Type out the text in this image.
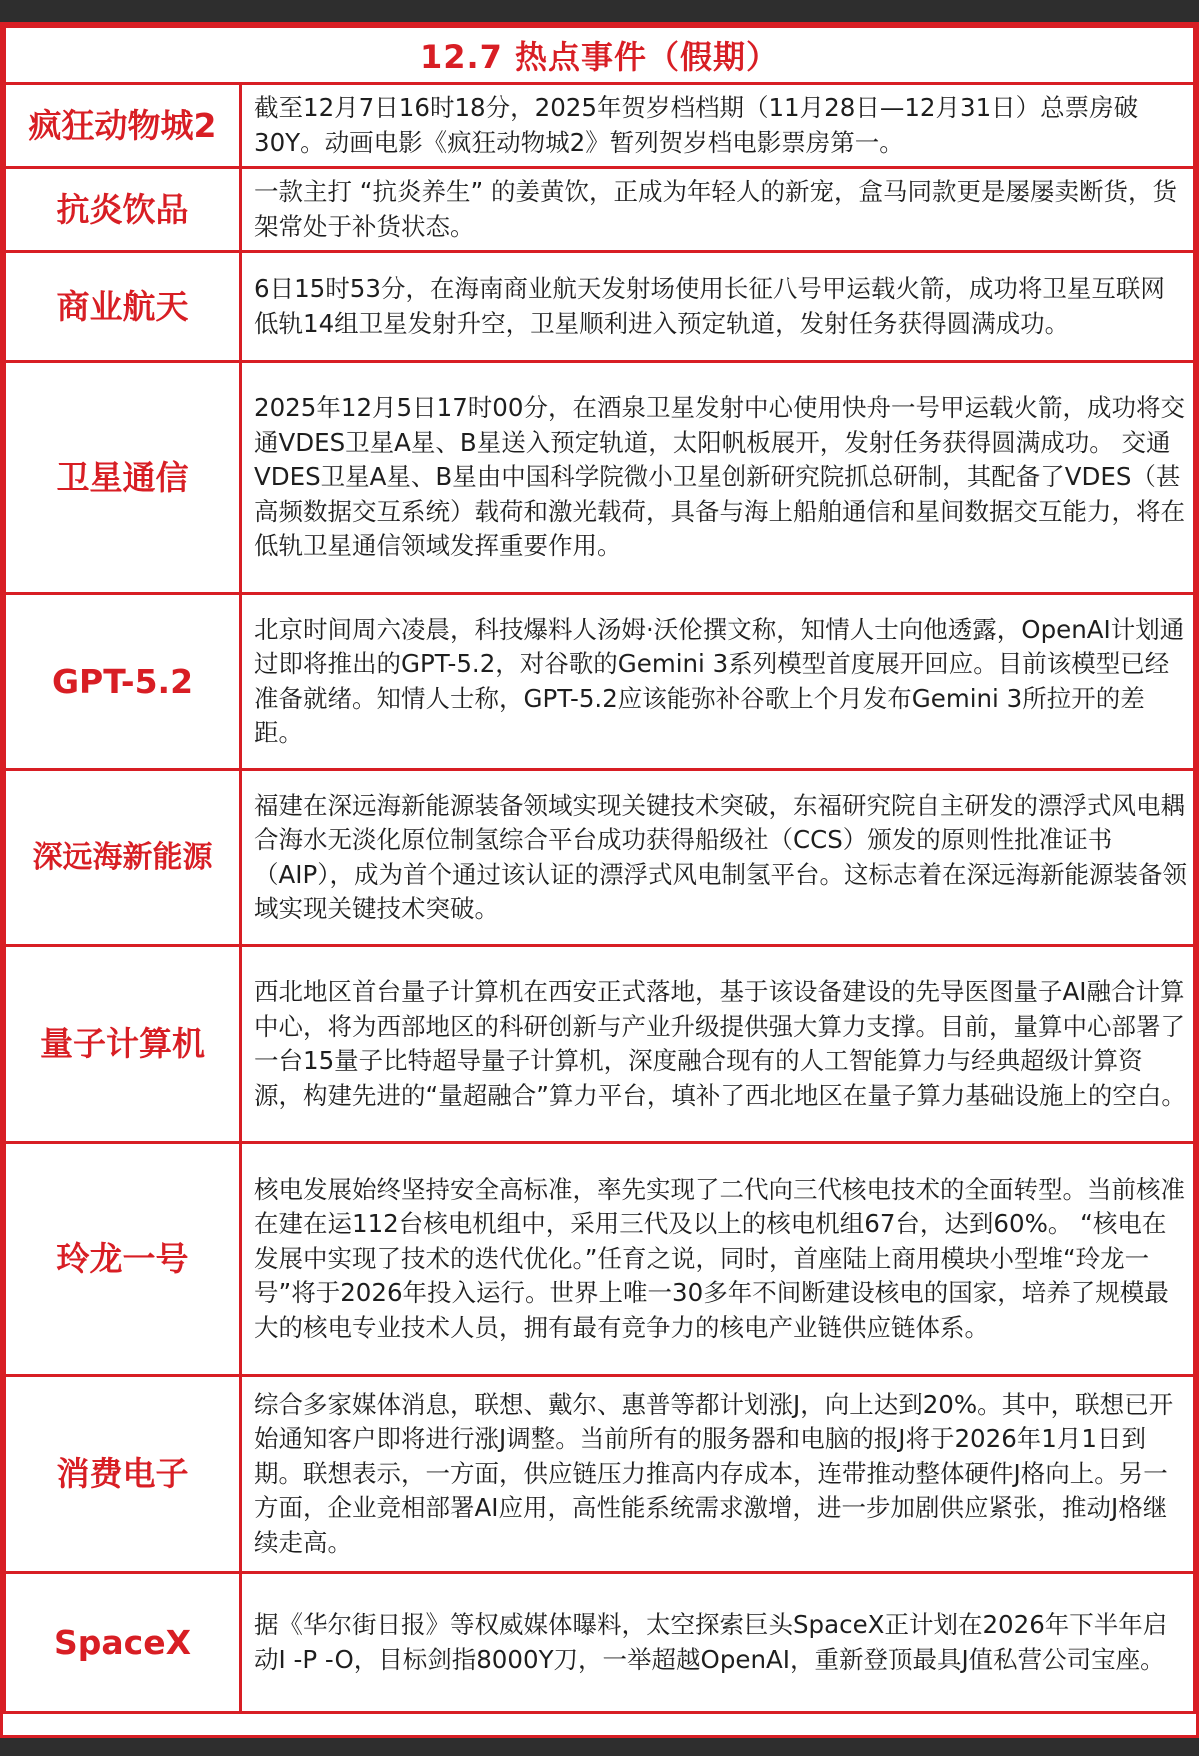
12.7 热点事件（假期）	
疯狂动物城2	截至12月7日16时18分，2025年贺岁档档期（11月28日—12月31日）总票房破30Y。动画电影《疯狂动物城2》暂列贺岁档电影票房第一。
抗炎饮品	一款主打 “抗炎养生” 的姜黄饮，正成为年轻人的新宠，盒马同款更是屡屡卖断货，货架常处于补货状态。
商业航天	6日15时53分，在海南商业航天发射场使用长征八号甲运载火箭，成功将卫星互联网低轨14组卫星发射升空，卫星顺利进入预定轨道，发射任务获得圆满成功。
卫星通信	2025年12月5日17时00分，在酒泉卫星发射中心使用快舟一号甲运载火箭，成功将交通VDES卫星A星、B星送入预定轨道，太阳帆板展开，发射任务获得圆满成功。 交通VDES卫星A星、B星由中国科学院微小卫星创新研究院抓总研制，其配备了VDES（甚高频数据交互系统）载荷和激光载荷，具备与海上船舶通信和星间数据交互能力，将在低轨卫星通信领域发挥重要作用。
GPT-5.2	北京时间周六凌晨，科技爆料人汤姆·沃伦撰文称，知情人士向他透露，OpenAI计划通过即将推出的GPT-5.2，对谷歌的Gemini 3系列模型首度展开回应。目前该模型已经准备就绪。知情人士称，GPT-5.2应该能弥补谷歌上个月发布Gemini 3所拉开的差距。
深远海新能源	福建在深远海新能源装备领域实现关键技术突破，东福研究院自主研发的漂浮式风电耦合海水无淡化原位制氢综合平台成功获得船级社（CCS）颁发的原则性批准证书（AIP），成为首个通过该认证的漂浮式风电制氢平台。这标志着在深远海新能源装备领域实现关键技术突破。
量子计算机	西北地区首台量子计算机在西安正式落地，基于该设备建设的先导医图量子AI融合计算中心，将为西部地区的科研创新与产业升级提供强大算力支撑。目前，量算中心部署了一台15量子比特超导量子计算机，深度融合现有的人工智能算力与经典超级计算资源，构建先进的“量超融合”算力平台，填补了西北地区在量子算力基础设施上的空白。
玲龙一号	核电发展始终坚持安全高标准，率先实现了二代向三代核电技术的全面转型。当前核准在建在运112台核电机组中，采用三代及以上的核电机组67台，达到60%。 “核电在发展中实现了技术的迭代优化。”任育之说，同时，首座陆上商用模块小型堆“玲龙一号”将于2026年投入运行。世界上唯一30多年不间断建设核电的国家，培养了规模最大的核电专业技术人员，拥有最有竞争力的核电产业链供应链体系。
消费电子	综合多家媒体消息，联想、戴尔、惠普等都计划涨J，向上达到20%。其中，联想已开始通知客户即将进行涨J调整。当前所有的服务器和电脑的报J将于2026年1月1日到期。联想表示，一方面，供应链压力推高内存成本，连带推动整体硬件J格向上。另一方面，企业竞相部署AI应用，高性能系统需求激增，进一步加剧供应紧张，推动J格继续走高。
SpaceX	据《华尔街日报》等权威媒体曝料，太空探索巨头SpaceX正计划在2026年下半年启动I -P -O，目标剑指8000Y刀，一举超越OpenAI，重新登顶最具J值私营公司宝座。
